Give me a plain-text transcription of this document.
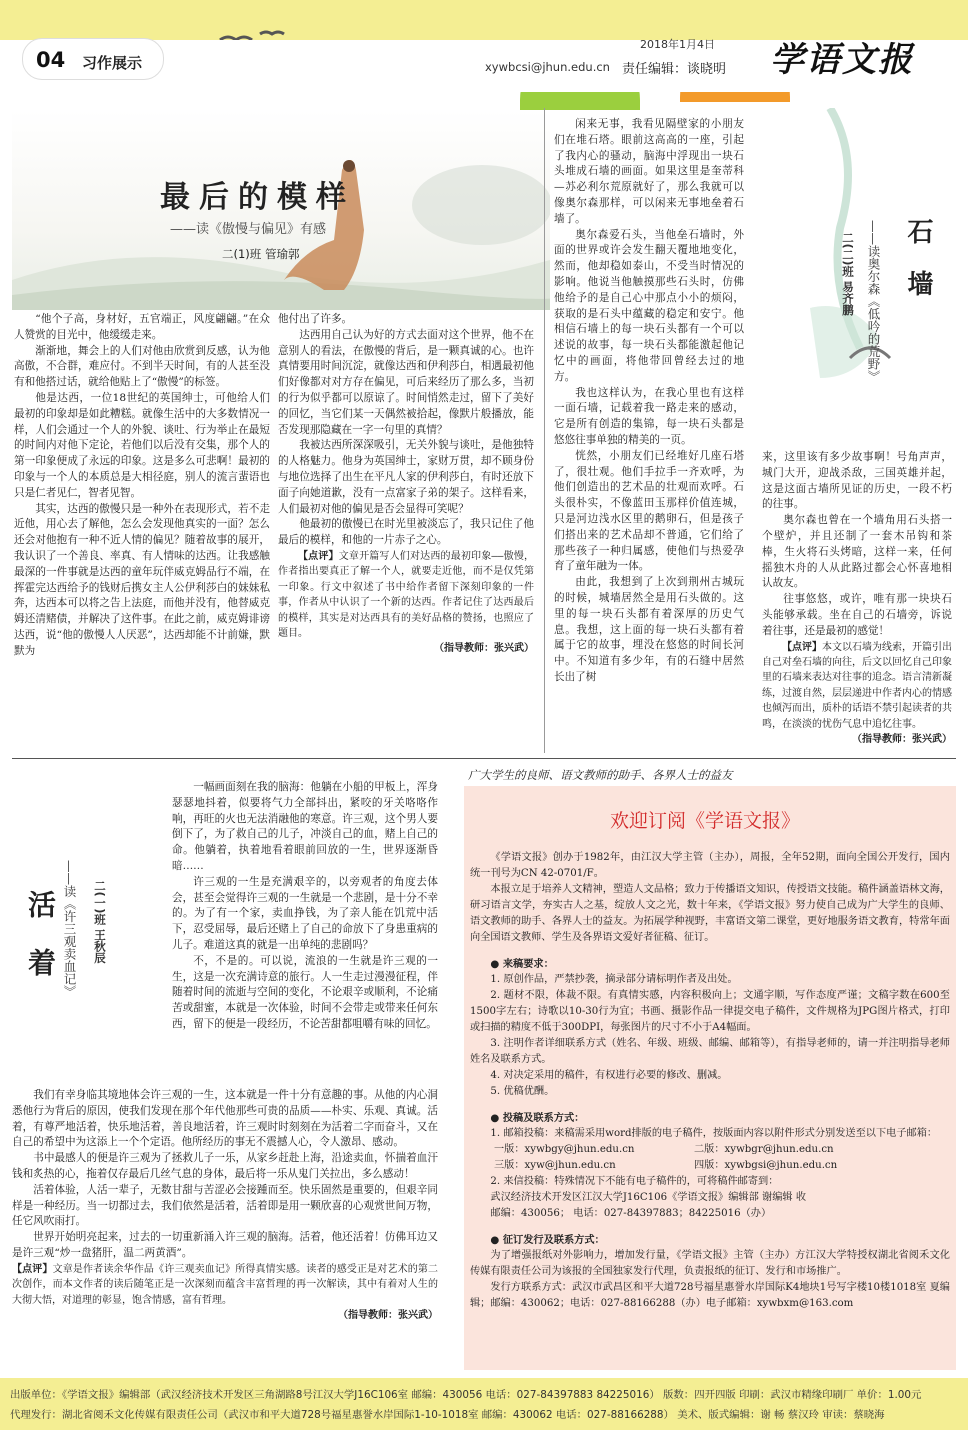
04 习作展示
2018年1月4日
xywbcsi@jhun.edu.cn 责任编辑：谈晓明 学语文报
最后的模样
——读《傲慢与偏见》有感
二(1)班 管瑜郭

“他个子高，身材好，五官端正，风度翩翩。”在众人赞赏的目光中，他缓缓走来。

渐渐地，舞会上的人们对他由欣赏到反感，认为他高傲，不合群，难应付。不到半天时间，有的人甚至没有和他搭过话，就给他贴上了“傲慢”的标签。

他是达西，一位18世纪的英国绅士，可他给人们最初的印象却是如此糟糕。就像生活中的大多数情况一样，人们会通过一个人的外貌、谈吐、行为举止在最短的时间内对他下定论，若他们以后没有交集，那个人的第一印象便成了永远的印象。这是多么可悲啊！最初的印象与一个人的本质总是大相径庭，别人的流言蜚语也只是仁者见仁，智者见智。

其实，达西的傲慢只是一种外在表现形式，若不走近他，用心去了解他，怎么会发现他真实的一面？怎么还会对他抱有一种不近人情的偏见？随着故事的展开，我认识了一个善良、率真、有人情味的达西。让我感触最深的一件事就是达西的童年玩伴威克姆品行不端，在挥霍完达西给予的钱财后携女主人公伊利莎白的妹妹私奔，达西本可以将之告上法庭，而他并没有，他替威克姆还清赌债，并解决了这件事。在此之前，威克姆诽谤达西，说“他的傲慢人人厌恶”，达西却能不计前嫌，默默为

他付出了许多。

达西用自己认为好的方式去面对这个世界，他不在意别人的看法，在傲慢的背后，是一颗真诚的心。也许真情要用时间沉淀，就像达西和伊利莎白，相遇最初他们好像都对对方存在偏见，可后来经历了那么多，当初的行为似乎都可以原谅了。时间悄然走过，留下了美好的回忆，当它们某一天偶然被拾起，像默片般播放，能否发现那隐藏在一字一句里的真情？

我被达西所深深吸引，无关外貌与谈吐，是他独特的人格魅力。他身为英国绅士，家财万贯，却不顾身份与地位选择了出生在平凡人家的伊利莎白，有时还放下面子向她道歉，没有一点富家子弟的架子。这样看来，人们最初对他的偏见是否会显得可笑呢？

他最初的傲慢已在时光里被淡忘了，我只记住了他最后的模样，和他的一片赤子之心。

【点评】文章开篇写人们对达西的最初印象——傲慢，作者指出要真正了解一个人，就要走近他，而不是仅凭第一印象。行文中叙述了书中给作者留下深刻印象的一件事，作者从中认识了一个新的达西。作者记住了达西最后的模样，其实是对达西具有的美好品格的赞扬，也照应了题目。

（指导教师：张兴武）
石墙
——读奥尔森《低吟的荒野》
二(二)班 易齐鹏

闲来无事，我看见隔壁家的小朋友们在堆石塔。眼前这高高的一座，引起了我内心的骚动，脑海中浮现出一块石头堆成石墙的画面。如果这里是奎蒂科—苏必利尔荒原就好了，那么我就可以像奥尔森那样，可以闲来无事地垒着石墙了。

奥尔森爱石头，当他垒石墙时，外面的世界或许会发生翻天覆地地变化，然而，他却稳如泰山，不受当时情况的影响。他说当他触摸那些石头时，仿佛他给予的是自己心中那点小小的烦闷，获取的是石头中蕴藏的稳定和安宁。他相信石墙上的每一块石头都有一个可以述说的故事，每一块石头都能激起他记忆中的画面，将他带回曾经去过的地方。

我也这样认为，在我心里也有这样一面石墙，记载着我一路走来的感动，它是所有创造的集锦，每一块石头都是悠悠往事单独的精美的一页。

恍然，小朋友们已经堆好几座石塔了，很壮观。他们手拉手一齐欢呼，为他们创造出的艺术品的壮观而欢呼。石头很朴实，不像蓝田玉那样价值连城，只是河边浅水区里的鹅卵石，但是孩子们搭出来的艺术品却不普通，它们给了那些孩子一种归属感，使他们与热爱孕育了童年融为一体。

由此，我想到了上次到荆州古城玩的时候，城墙居然全是用石头做的。这里的每一块石头都有着深厚的历史气息。我想，这上面的每一块石头都有着属于它的故事，埋没在悠悠的时间长河中。不知道有多少年，有的石缝中居然长出了树

来，这里该有多少故事啊！号角声声，城门大开，迎战杀敌，三国英雄并起，这是这面古墙所见证的历史，一段不朽的往事。

奥尔森也曾在一个墙角用石头搭一个壁炉，并且还制了一套木吊钩和茶棒，生火将石头烤暗，这样一来，任何摇独木舟的人从此路过都会心怀喜地相认故友。

往事悠悠，或许，唯有那一块块石头能够承载。坐在自己的石墙旁，诉说着往事，还是最初的感觉！

【点评】本文以石墙为线索，开篇引出自己对垒石墙的向往，后文以回忆自己印象里的石墙来表达对往事的追念。语言清新凝练，过渡自然，层层递进中作者内心的情感也倾泻而出，质朴的话语不禁引起读者的共鸣，在淡淡的忧伤气息中追忆往事。

（指导教师：张兴武）
活着 ——读《许三观卖血记》 二(一)班 王秋辰

一幅画面刻在我的脑海：他躺在小船的甲板上，浑身瑟瑟地抖着，似要将气力全部抖出，紧咬的牙关咯咯作响，再旺的火也无法消融他的寒意。许三观，这个男人要倒下了，为了救自己的儿子，冲淡自己的血，赌上自己的命。他躺着，执着地看着眼前回放的一生，世界逐渐昏暗……

许三观的一生是充满艰辛的，以旁观者的角度去体会，甚至会觉得许三观的一生就是一个悲剧，是十分不幸的。为了有一个家，卖血挣钱，为了亲人能在饥荒中活下，忍受屈辱，最后还赌上了自己的命放下了身患重病的儿子。难道这真的就是一出单纯的悲剧吗？

不，不是的。可以说，流浪的一生就是许三观的一生，这是一次充满诗意的旅行。人一生走过漫漫征程，伴随着时间的流逝与空间的变化，不论艰辛或顺利，不论痛苦或甜蜜，本就是一次体验，时间不会带走或带来任何东西，留下的便是一段经历，不论苦甜都咀嚼有味的回忆。

我们有幸身临其境地体会许三观的一生，这本就是一件十分有意趣的事。从他的内心洞悉他行为背后的原因，使我们发现在那个年代他那些可贵的品质——朴实、乐观、真诚。活着，有尊严地活着，快乐地活着，善良地活着，许三观时时刻刻在为活着二字而奋斗，又在自己的希望中为这添上一个个定语。他所经历的事无不震撼人心，令人激昂、感动。

书中最感人的便是许三观为了拯救儿子一乐，从家乡赶赴上海，沿途卖血，怀揣着血汗钱和炙热的心，拖着仅存最后几丝气息的身体，最后将一乐从鬼门关拉出，多么感动！

活着体验，人活一辈子，无数甘甜与苦涩必会接踵而至。快乐固然是重要的，但艰辛同样是一种经历。当一切都过去，我们依然是活着，活着即是用一颗欣喜的心观赏世间万物，任它风吹雨打。

世界开始明亮起来，过去的一切重新涌入许三观的脑海。活着，他还活着！仿佛耳边又是许三观“炒一盘猪肝，温二两黄酒”。

【点评】文章是作者读余华作品《许三观卖血记》所得真情实感。读者的感受正是对艺术的第二次创作，而本文作者的读后随笔正是一次深刻而蕴含丰富哲理的再一次解读，其中有着对人生的大彻大悟，对道理的彰显，饱含情感，富有哲理。

（指导教师：张兴武）
广大学生的良师、语文教师的助手、各界人士的益友
欢迎订阅《学语文报》

《学语文报》创办于1982年，由江汉大学主管（主办），周报，全年52期，面向全国公开发行，国内统一刊号为CN 42-0701/F。

本报立足于培养人文精神，塑造人文品格；致力于传播语文知识，传授语文技能。稿件涵盖语林文海，研习语言文学，夯实古人之基，绽放人文之光，数十年来，《学语文报》努力使自己成为广大学生的良师、语文教师的助手、各界人士的益友。为拓展学种视野，丰富语文第二课堂，更好地服务语文教育，特常年面向全国语文教师、学生及各界语文爱好者征稿、征订。

● 来稿要求：

1. 原创作品，严禁抄袭，摘录部分请标明作者及出处。

2. 题材不限，体裁不限。有真情实感，内容积极向上；文通字顺，写作态度严谨；文稿字数在600至1500字左右；诗歌以10-30行为宜；书画、摄影作品一律提交电子稿件，文件规格为JPG图片格式，打印或扫描的精度不低于300DPI，每张图片的尺寸不小于A4幅面。

3. 注明作者详细联系方式（姓名、年级、班级、邮编、邮箱等），有指导老师的，请一并注明指导老师姓名及联系方式。

4. 对决定采用的稿件，有权进行必要的修改、删减。

5. 优稿优酬。

● 投稿及联系方式：

1. 邮箱投稿：来稿需采用word排版的电子稿件，按版面内容以附件形式分别发送至以下电子邮箱：

一版：xywbgy@jhun.edu.cn	二版：xywbgr@jhun.edu.cn
三版：xyw@jhun.edu.cn	四版：xywbgsi@jhun.edu.cn

2. 来信投稿：特殊情况下不能有电子稿件的，可将稿件邮寄到：

武汉经济技术开发区江汉大学J16C106《学语文报》编辑部 谢编辑 收

邮编：430056； 电话：027-84397883；84225016（办）

● 征订发行及联系方式：

为了增强报纸对外影响力，增加发行量，《学语文报》主管（主办）方江汉大学特授权湖北省阅禾文化传媒有限责任公司为该报的全国独家发行代理，负责报纸的征订、发行和市场推广。

发行方联系方式：武汉市武昌区和平大道728号福星惠誉水岸国际K4地块1号写字楼10楼1018室 夏编辑；邮编：430062；电话：027-88166288（办）电子邮箱：xywbxm@163.com

出版单位：《学语文报》编辑部（武汉经济技术开发区三角湖路8号江汉大学J16C106室 邮编：430056 电话：027-84397883 84225016） 版数：四开四版 印刷：武汉市精缘印刷厂 单价：1.00元
代理发行：湖北省阅禾文化传媒有限责任公司（武汉市和平大道728号福星惠誉水岸国际1-10-1018室 邮编：430062 电话：027-88166288） 美术、版式编辑：谢 畅 蔡汉玲 审读：蔡晓海
